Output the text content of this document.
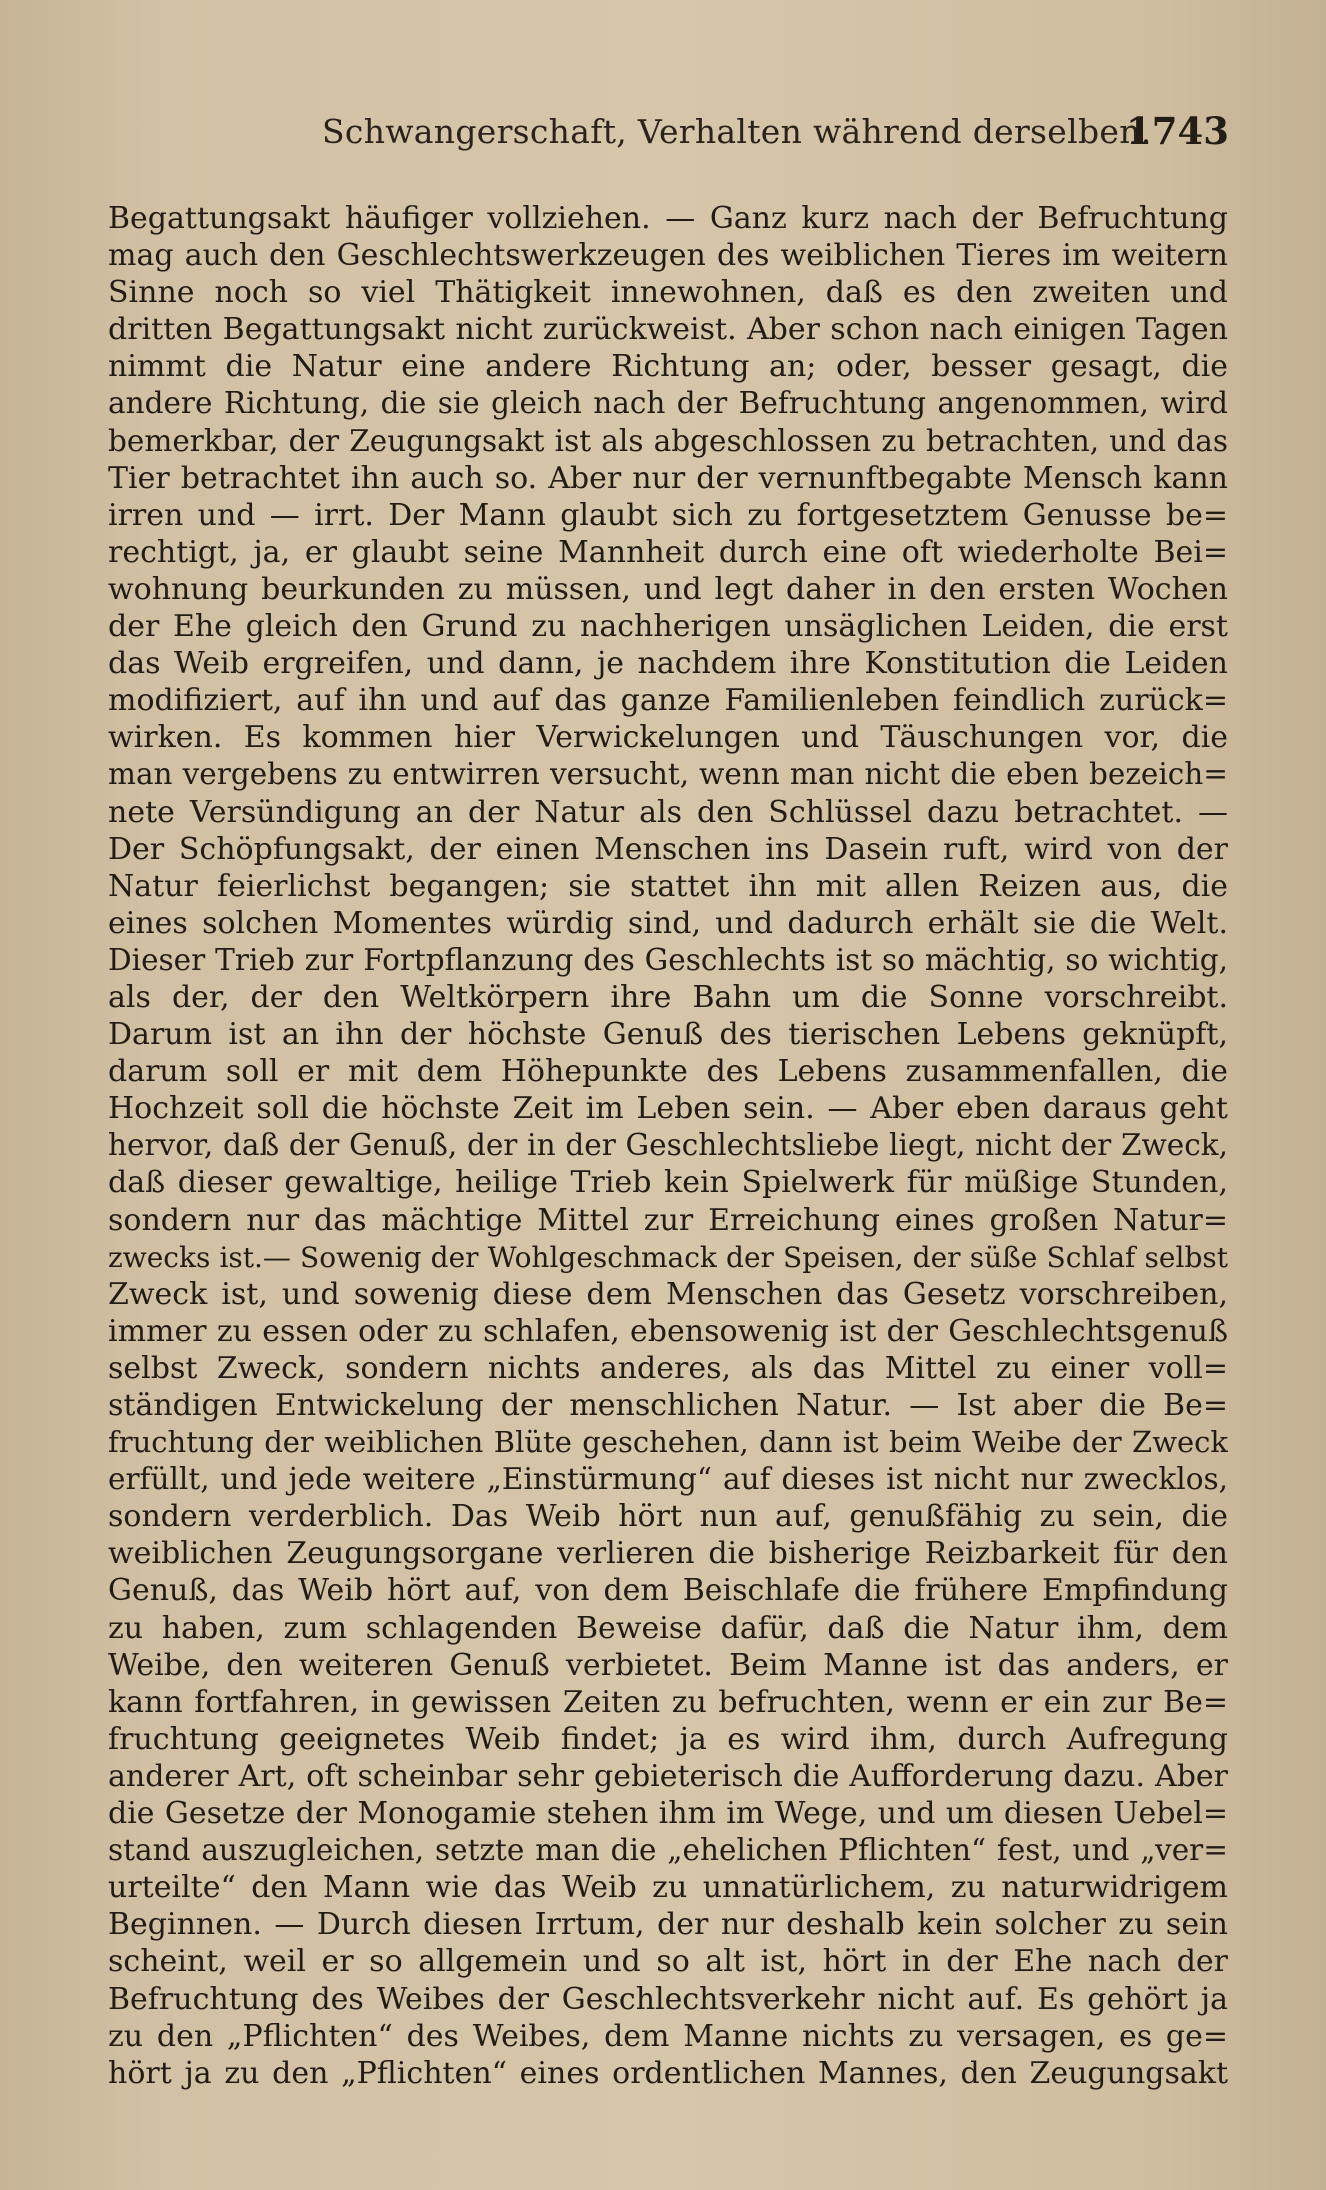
Schwangerschaft, Verhalten während derselben.
1743
Begattungsakt häufiger vollziehen. — Ganz kurz nach der Befruchtung
mag auch den Geschlechtswerkzeugen des weiblichen Tieres im weitern
Sinne noch so viel Thätigkeit innewohnen, daß es den zweiten und
dritten Begattungsakt nicht zurückweist. Aber schon nach einigen Tagen
nimmt die Natur eine andere Richtung an; oder, besser gesagt, die
andere Richtung, die sie gleich nach der Befruchtung angenommen, wird
bemerkbar, der Zeugungsakt ist als abgeschlossen zu betrachten, und das
Tier betrachtet ihn auch so. Aber nur der vernunftbegabte Mensch kann
irren und — irrt. Der Mann glaubt sich zu fortgesetztem Genusse be=
rechtigt, ja, er glaubt seine Mannheit durch eine oft wiederholte Bei=
wohnung beurkunden zu müssen, und legt daher in den ersten Wochen
der Ehe gleich den Grund zu nachherigen unsäglichen Leiden, die erst
das Weib ergreifen, und dann, je nachdem ihre Konstitution die Leiden
modifiziert, auf ihn und auf das ganze Familienleben feindlich zurück=
wirken. Es kommen hier Verwickelungen und Täuschungen vor, die
man vergebens zu entwirren versucht, wenn man nicht die eben bezeich=
nete Versündigung an der Natur als den Schlüssel dazu betrachtet. —
Der Schöpfungsakt, der einen Menschen ins Dasein ruft, wird von der
Natur feierlichst begangen; sie stattet ihn mit allen Reizen aus, die
eines solchen Momentes würdig sind, und dadurch erhält sie die Welt.
Dieser Trieb zur Fortpflanzung des Geschlechts ist so mächtig, so wichtig,
als der, der den Weltkörpern ihre Bahn um die Sonne vorschreibt.
Darum ist an ihn der höchste Genuß des tierischen Lebens geknüpft,
darum soll er mit dem Höhepunkte des Lebens zusammenfallen, die
Hochzeit soll die höchste Zeit im Leben sein. — Aber eben daraus geht
hervor, daß der Genuß, der in der Geschlechtsliebe liegt, nicht der Zweck,
daß dieser gewaltige, heilige Trieb kein Spielwerk für müßige Stunden,
sondern nur das mächtige Mittel zur Erreichung eines großen Natur=
zwecks ist.— Sowenig der Wohlgeschmack der Speisen, der süße Schlaf selbst
Zweck ist, und sowenig diese dem Menschen das Gesetz vorschreiben,
immer zu essen oder zu schlafen, ebensowenig ist der Geschlechtsgenuß
selbst Zweck, sondern nichts anderes, als das Mittel zu einer voll=
ständigen Entwickelung der menschlichen Natur. — Ist aber die Be=
fruchtung der weiblichen Blüte geschehen, dann ist beim Weibe der Zweck
erfüllt, und jede weitere „Einstürmung“ auf dieses ist nicht nur zwecklos,
sondern verderblich. Das Weib hört nun auf, genußfähig zu sein, die
weiblichen Zeugungsorgane verlieren die bisherige Reizbarkeit für den
Genuß, das Weib hört auf, von dem Beischlafe die frühere Empfindung
zu haben, zum schlagenden Beweise dafür, daß die Natur ihm, dem
Weibe, den weiteren Genuß verbietet. Beim Manne ist das anders, er
kann fortfahren, in gewissen Zeiten zu befruchten, wenn er ein zur Be=
fruchtung geeignetes Weib findet; ja es wird ihm, durch Aufregung
anderer Art, oft scheinbar sehr gebieterisch die Aufforderung dazu. Aber
die Gesetze der Monogamie stehen ihm im Wege, und um diesen Uebel=
stand auszugleichen, setzte man die „ehelichen Pflichten“ fest, und „ver=
urteilte“ den Mann wie das Weib zu unnatürlichem, zu naturwidrigem
Beginnen. — Durch diesen Irrtum, der nur deshalb kein solcher zu sein
scheint, weil er so allgemein und so alt ist, hört in der Ehe nach der
Befruchtung des Weibes der Geschlechtsverkehr nicht auf. Es gehört ja
zu den „Pflichten“ des Weibes, dem Manne nichts zu versagen, es ge=
hört ja zu den „Pflichten“ eines ordentlichen Mannes, den Zeugungsakt
